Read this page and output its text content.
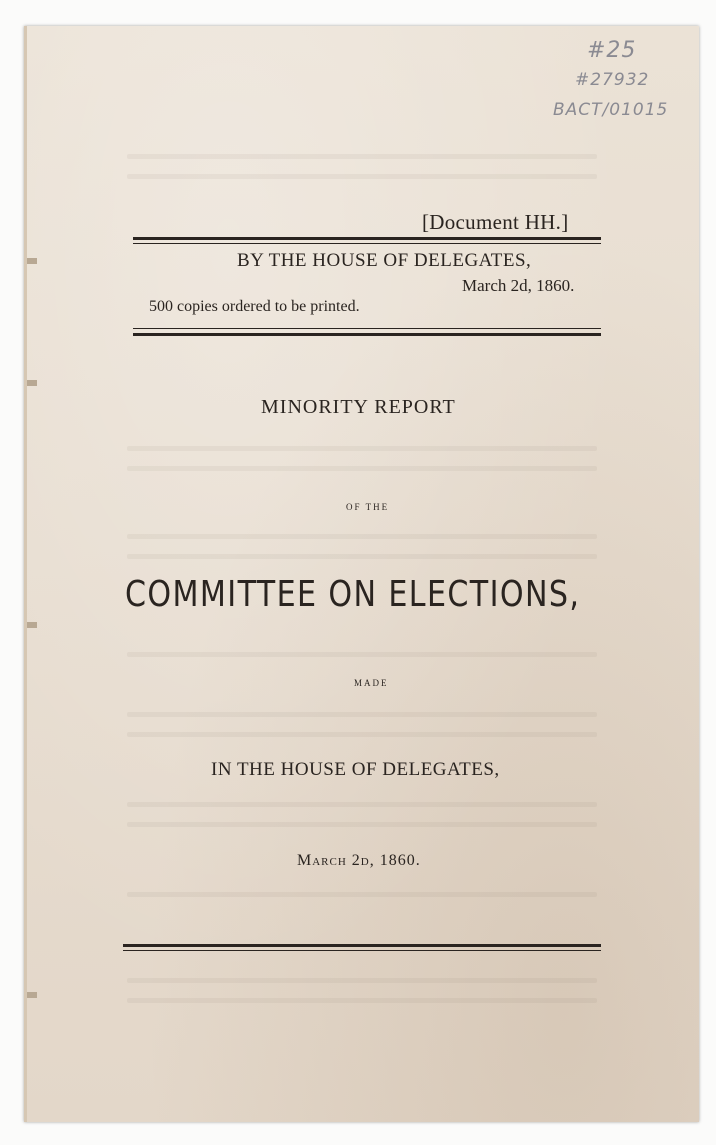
#25
#27932
BACT/01015
[Document HH.]
BY THE HOUSE OF DELEGATES,
March 2d, 1860.
500 copies ordered to be printed.
MINORITY REPORT
OF THE
COMMITTEE ON ELECTIONS,
MADE
IN THE HOUSE OF DELEGATES,
March 2d, 1860.
